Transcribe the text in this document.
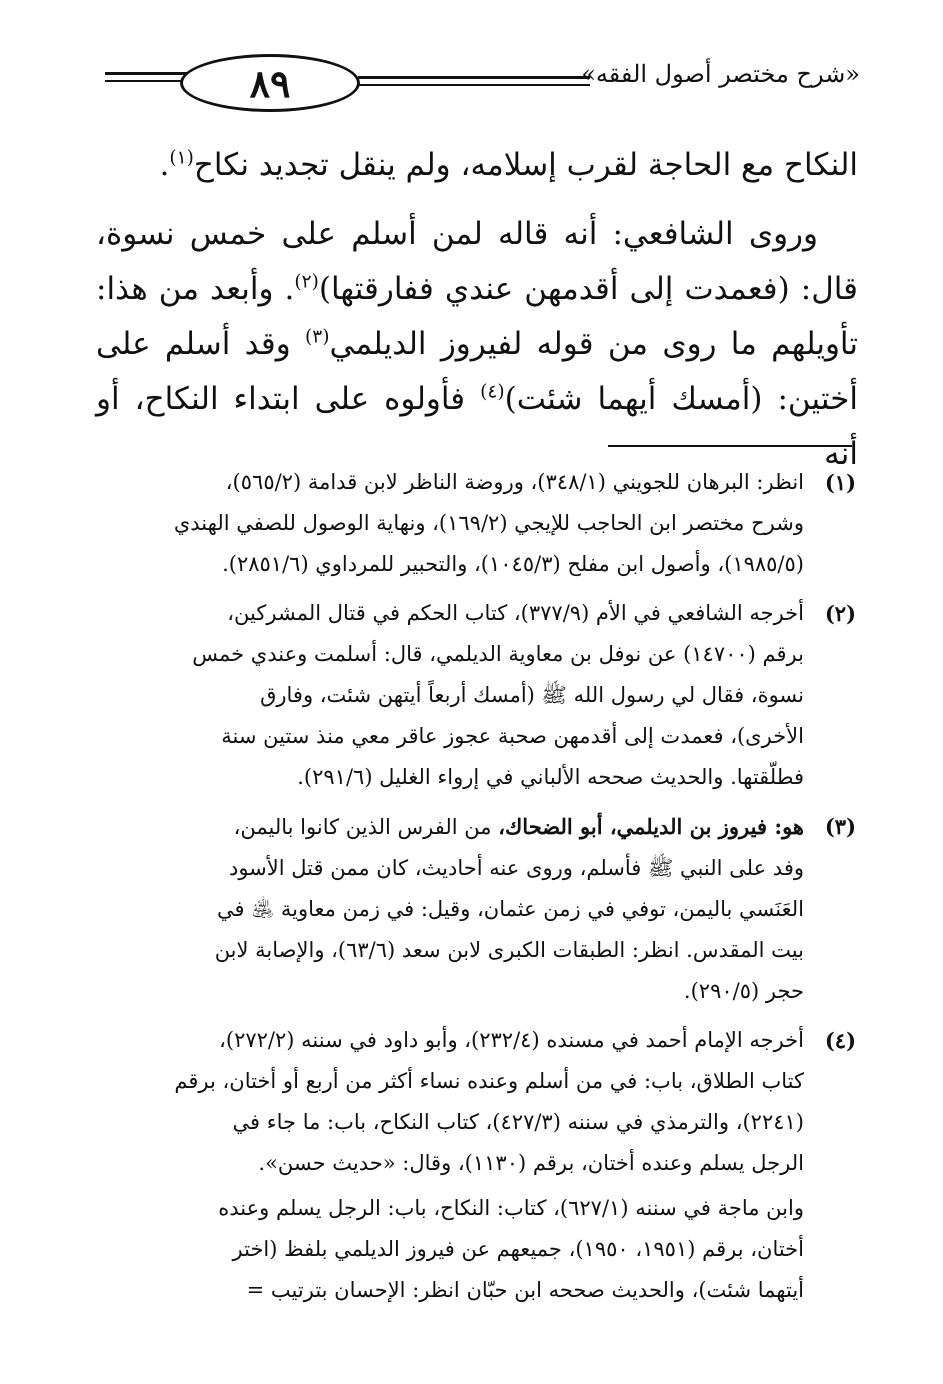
٨٩	«شرح مختصر أصول الفقه»

النكاح مع الحاجة لقرب إسلامه، ولم ينقل تجديد نكاح$^{(١)}$.

وروى الشافعي: أنه قاله لمن أسلم على خمس نسوة، قال: (فعمدت إلى أقدمهن عندي ففارقتها)$^{(٢)}$. وأبعد من هذا: تأويلهم ما روى من قوله لفيروز الديلمي$^{(٣)}$ وقد أسلم على أختين: (أمسك أيهما شئت)$^{(٤)}$ فأولوه على ابتداء النكاح، أو أنه

(١)
انظر: البرهان للجويني (٣٤٨/١)، وروضة الناظر لابن قدامة (٥٦٥/٢)،
وشرح مختصر ابن الحاجب للإيجي (١٦٩/٢)، ونهاية الوصول للصفي الهندي
(١٩٨٥/٥)، وأصول ابن مفلح (١٠٤٥/٣)، والتحبير للمرداوي (٢٨٥١/٦).
(٢)
أخرجه الشافعي في الأم (٣٧٧/٩)، كتاب الحكم في قتال المشركين،
برقم (١٤٧٠٠) عن نوفل بن معاوية الديلمي، قال: أسلمت وعندي خمس
نسوة، فقال لي رسول الله ﷺ (أمسك أربعاً أيتهن شئت، وفارق
الأخرى)، فعمدت إلى أقدمهن صحبة عجوز عاقر معي منذ ستين سنة
فطلّقتها. والحديث صححه الألباني في إرواء الغليل (٢٩١/٦).
(٣)
هو: فيروز بن الديلمي، أبو الضحاك، من الفرس الذين كانوا باليمن،
وفد على النبي ﷺ فأسلم، وروى عنه أحاديث، كان ممن قتل الأسود
العَنَسي باليمن، توفي في زمن عثمان، وقيل: في زمن معاوية ﵁ في
بيت المقدس. انظر: الطبقات الكبرى لابن سعد (٦٣/٦)، والإصابة لابن
حجر (٢٩٠/٥).
(٤)
أخرجه الإمام أحمد في مسنده (٢٣٢/٤)، وأبو داود في سننه (٢٧٢/٢)،
كتاب الطلاق، باب: في من أسلم وعنده نساء أكثر من أربع أو أختان، برقم
(٢٢٤١)، والترمذي في سننه (٤٢٧/٣)، كتاب النكاح، باب: ما جاء في
الرجل يسلم وعنده أختان، برقم (١١٣٠)، وقال: «حديث حسن».
وابن ماجة في سننه (٦٢٧/١)، كتاب: النكاح، باب: الرجل يسلم وعنده
أختان، برقم (١٩٥١، ١٩٥٠)، جميعهم عن فيروز الديلمي بلفظ (اختر
أيتهما شئت)، والحديث صححه ابن حبّان انظر: الإحسان بترتيب =
